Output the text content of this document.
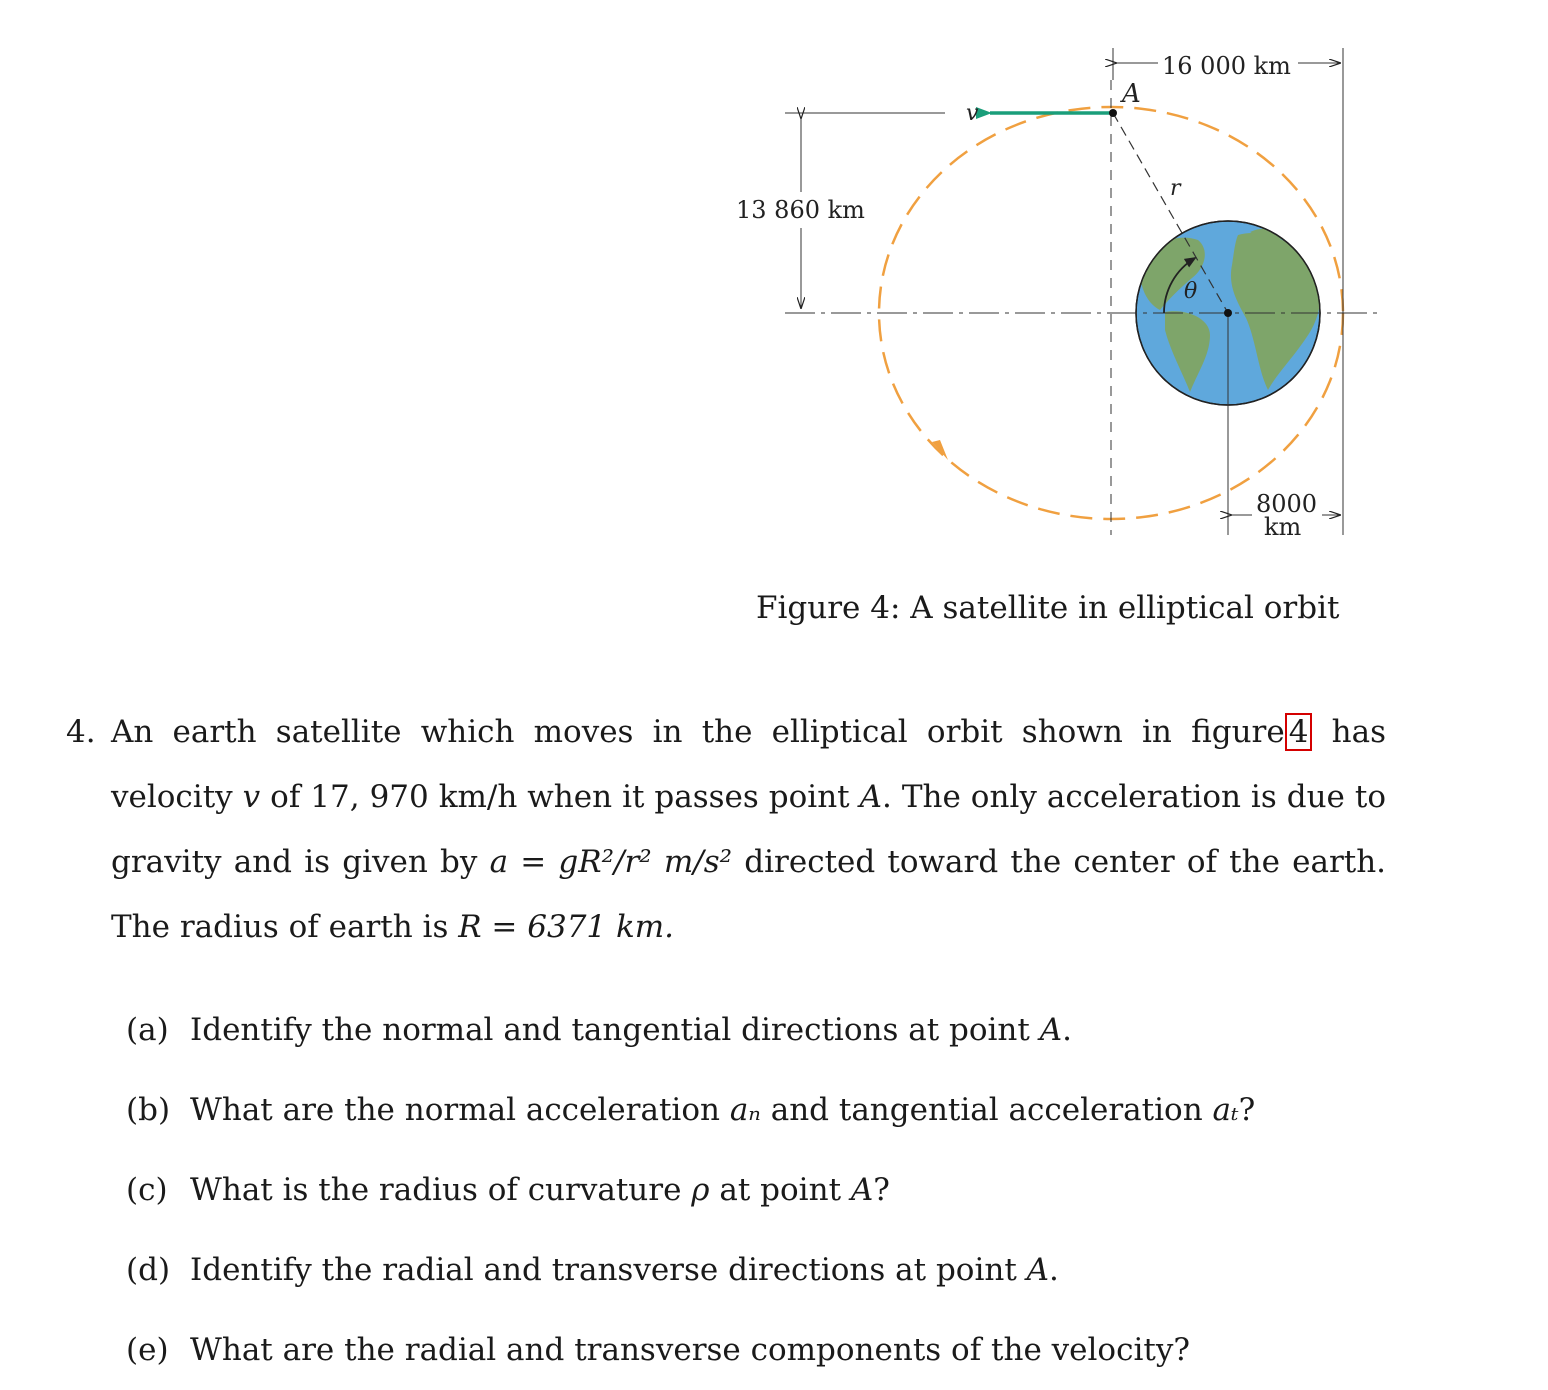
13 860 km
16 000 km
8000
km
r
θ
A
v
Figure 4: A satellite in elliptical orbit
4. An earth satellite which moves in the elliptical orbit shown in figure 4 has velocity v of 17, 970 km/h when it passes point A. The only acceleration is due to gravity and is given by a = gR²/r² m/s² directed toward the center of the earth. The radius of earth is R = 6371 km.
(a) Identify the normal and tangential directions at point A.
(b) What are the normal acceleration aₙ and tangential acceleration aₜ?
(c) What is the radius of curvature ρ at point A?
(d) Identify the radial and transverse directions at point A.
(e) What are the radial and transverse components of the velocity?
